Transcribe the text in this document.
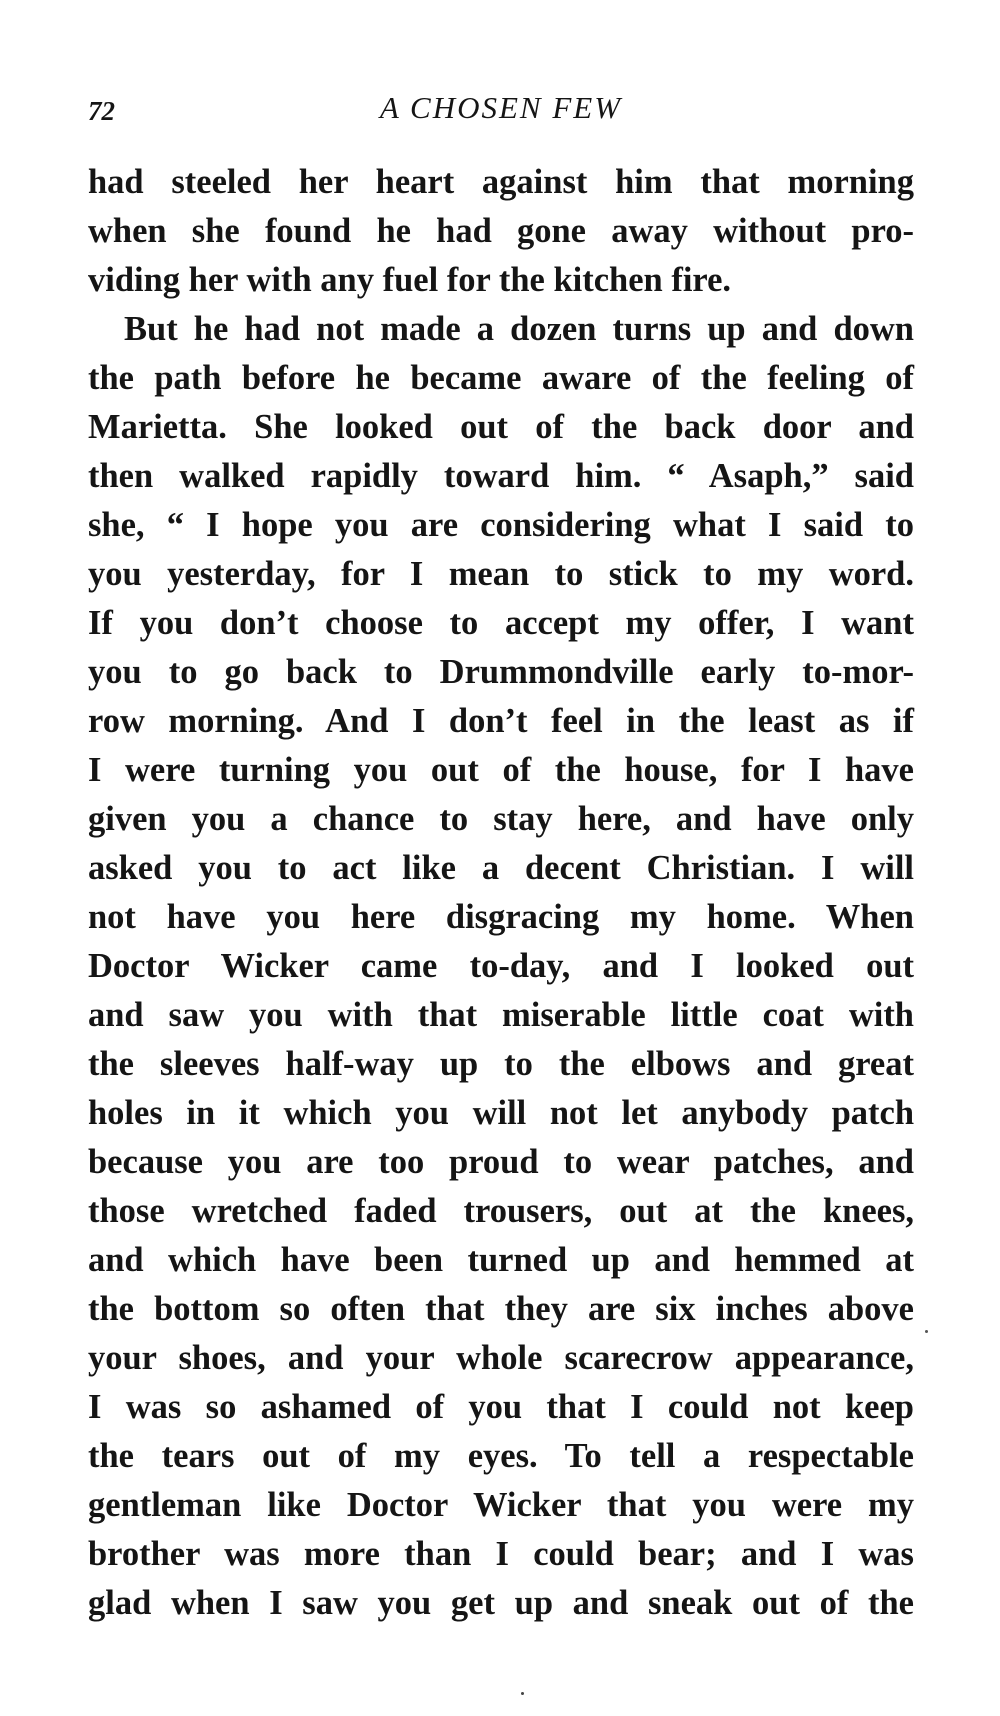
72	A CHOSEN FEW
had steeled her heart against him that morning
when she found he had gone away without pro-
viding her with any fuel for the kitchen fire.
But he had not made a dozen turns up and down
the path before he became aware of the feeling of
Marietta. She looked out of the back door and
then walked rapidly toward him. “ Asaph,” said
she, “ I hope you are considering what I said to
you yesterday, for I mean to stick to my word.
If you don’t choose to accept my offer, I want
you to go back to Drummondville early to-mor-
row morning. And I don’t feel in the least as if
I were turning you out of the house, for I have
given you a chance to stay here, and have only
asked you to act like a decent Christian. I will
not have you here disgracing my home. When
Doctor Wicker came to-day, and I looked out
and saw you with that miserable little coat with
the sleeves half-way up to the elbows and great
holes in it which you will not let anybody patch
because you are too proud to wear patches, and
those wretched faded trousers, out at the knees,
and which have been turned up and hemmed at
the bottom so often that they are six inches above
your shoes, and your whole scarecrow appearance,
I was so ashamed of you that I could not keep
the tears out of my eyes. To tell a respectable
gentleman like Doctor Wicker that you were my
brother was more than I could bear; and I was
glad when I saw you get up and sneak out of the
